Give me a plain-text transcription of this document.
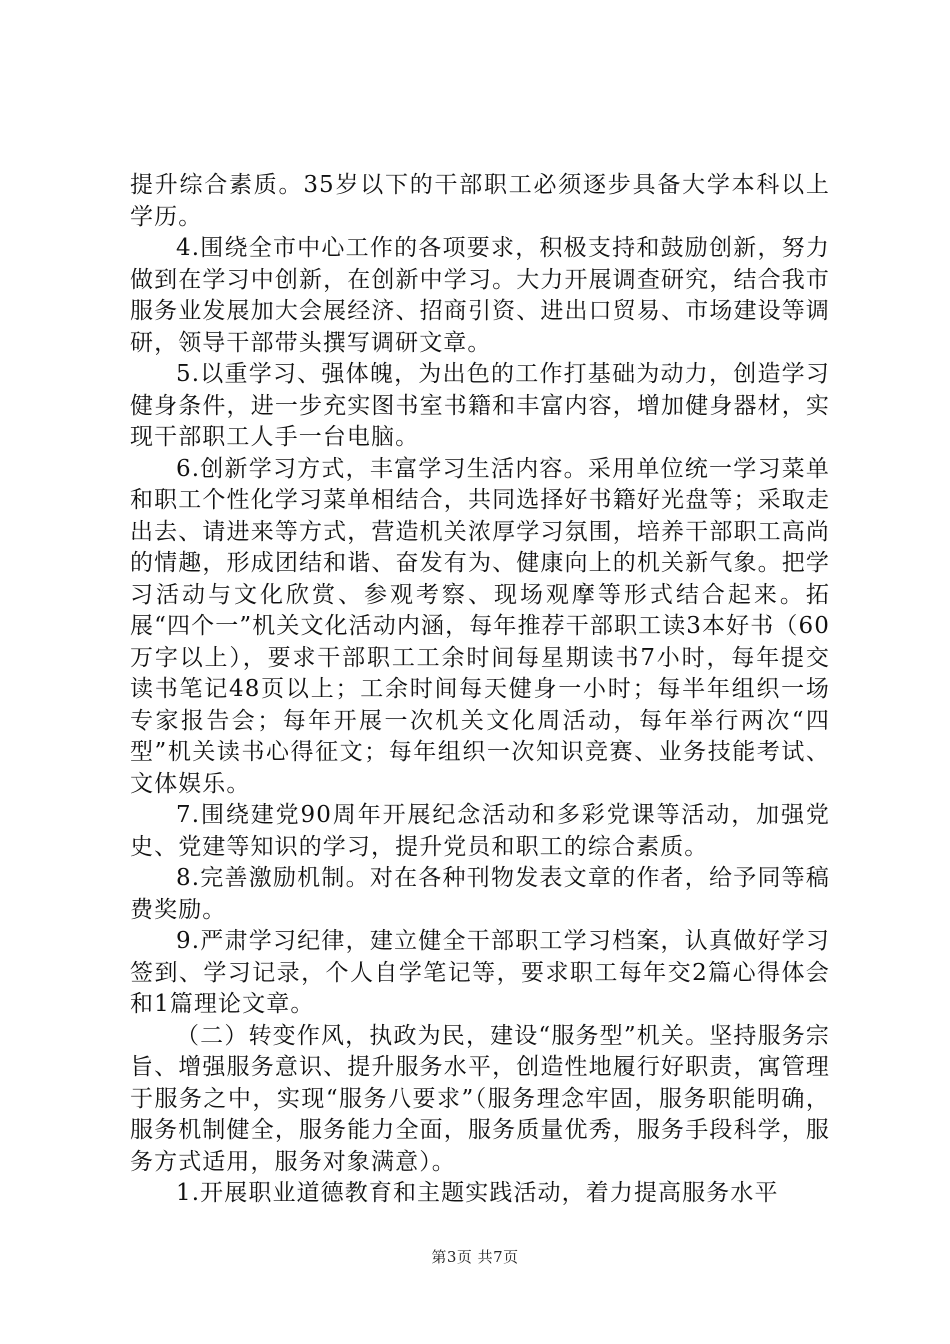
提升综合素质。35岁以下的干部职工必须逐步具备大学本科以上学历。

4.围绕全市中心工作的各项要求，积极支持和鼓励创新，努力做到在学习中创新，在创新中学习。大力开展调查研究，结合我市服务业发展加大会展经济、招商引资、进出口贸易、市场建设等调研，领导干部带头撰写调研文章。

5.以重学习、强体魄，为出色的工作打基础为动力，创造学习健身条件，进一步充实图书室书籍和丰富内容，增加健身器材，实现干部职工人手一台电脑。

6.创新学习方式，丰富学习生活内容。采用单位统一学习菜单和职工个性化学习菜单相结合，共同选择好书籍好光盘等；采取走出去、请进来等方式，营造机关浓厚学习氛围，培养干部职工高尚的情趣，形成团结和谐、奋发有为、健康向上的机关新气象。把学习活动与文化欣赏、参观考察、现场观摩等形式结合起来。拓展“四个一”机关文化活动内涵，每年推荐干部职工读3本好书（60万字以上），要求干部职工工余时间每星期读书7小时，每年提交读书笔记48页以上；工余时间每天健身一小时；每半年组织一场专家报告会；每年开展一次机关文化周活动，每年举行两次“四型”机关读书心得征文；每年组织一次知识竞赛、业务技能考试、文体娱乐。

7.围绕建党90周年开展纪念活动和多彩党课等活动，加强党史、党建等知识的学习，提升党员和职工的综合素质。

8.完善激励机制。对在各种刊物发表文章的作者，给予同等稿费奖励。

9.严肃学习纪律，建立健全干部职工学习档案，认真做好学习签到、学习记录，个人自学笔记等，要求职工每年交2篇心得体会和1篇理论文章。

（二）转变作风，执政为民，建设“服务型”机关。坚持服务宗旨、增强服务意识、提升服务水平，创造性地履行好职责，寓管理于服务之中，实现“服务八要求”（服务理念牢固，服务职能明确，服务机制健全，服务能力全面，服务质量优秀，服务手段科学，服务方式适用，服务对象满意）。

1.开展职业道德教育和主题实践活动，着力提高服务水平

第3页 共7页
